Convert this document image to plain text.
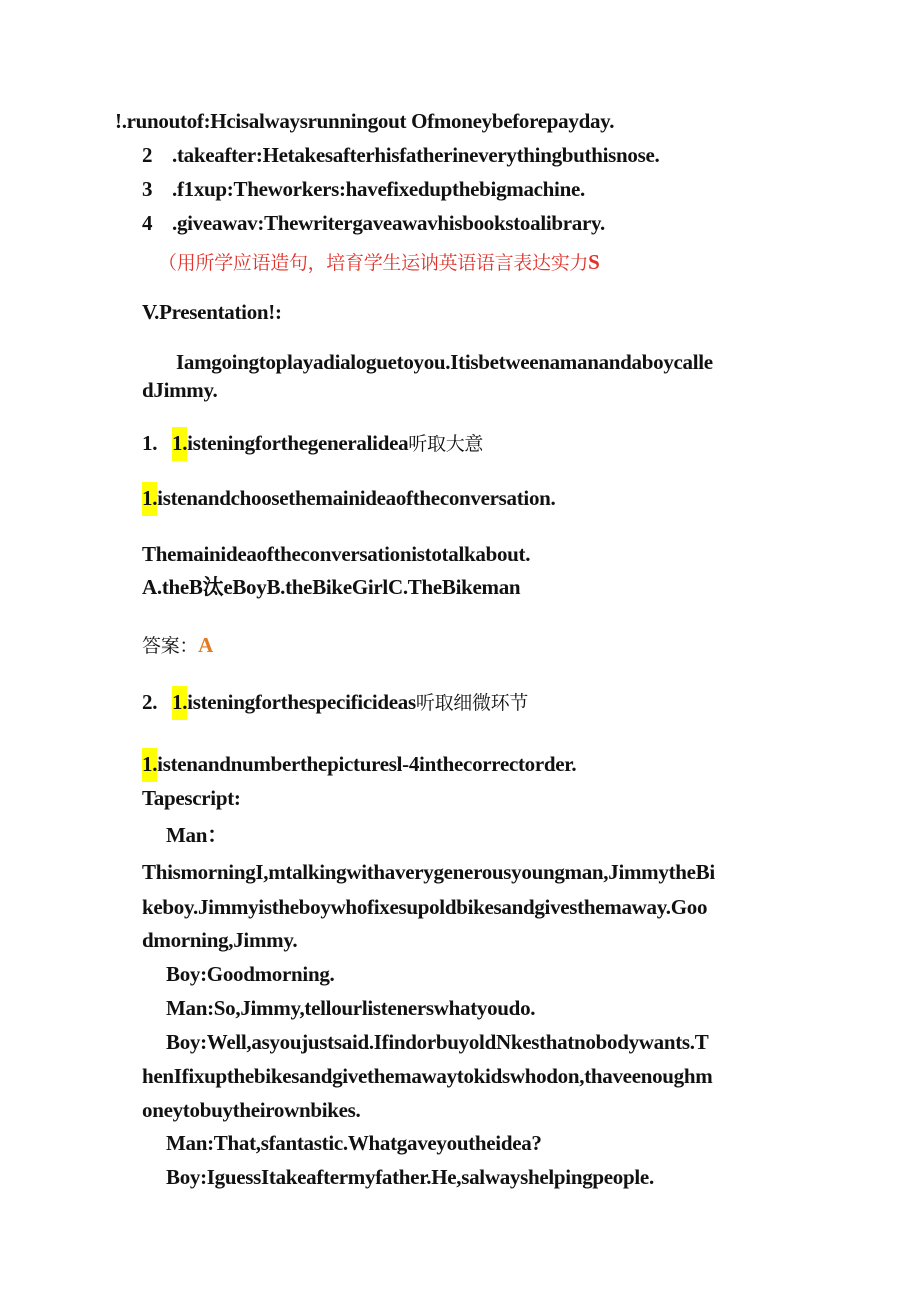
!.runoutof:Hcisalwaysrunningout Ofmoneybeforepayday.
2 .takeafter:Hetakesafterhisfatherineverythingbuthisnose.
3 .f1xup:Theworkers:havefixedupthebigmachine.
4 .giveawav:Thewritergaveawavhisbookstoalibrary.
（用所学应语造句，培育学生运讷英语语言表达实力S
V.Presentation!:
Iamgoingtoplayadialoguetoyou.Itisbetweenamanandaboycalle
dJimmy.
1. 1.isteningforthegeneralidea听取大意
1.istenandchoosethemainideaoftheconversation.
Themainideaoftheconversationistotalkabout.
A.theB汰eBoyB.theBikeGirlC.TheBikeman
答案：A
2. 1.isteningforthespecificideas听取细微环节
1.istenandnumberthepicturesl-4inthecorrectorder.
Tapescript:
Man：
ThismorningI,mtalkingwithaverygenerousyoungman,JimmytheBi
keboy.Jimmyistheboywhofixesupoldbikesandgivesthemaway.Goo
dmorning,Jimmy.
Boy:Goodmorning.
Man:So,Jimmy,tellourlistenerswhatyoudo.
Boy:Well,asyoujustsaid.IfindorbuyoldNkesthatnobodywants.T
henIfixupthebikesandgivethemawaytokidswhodon,thaveenoughm
oneytobuytheirownbikes.
Man:That,sfantastic.Whatgaveyoutheidea?
Boy:IguessItakeaftermyfather.He,salwayshelpingpeople.
